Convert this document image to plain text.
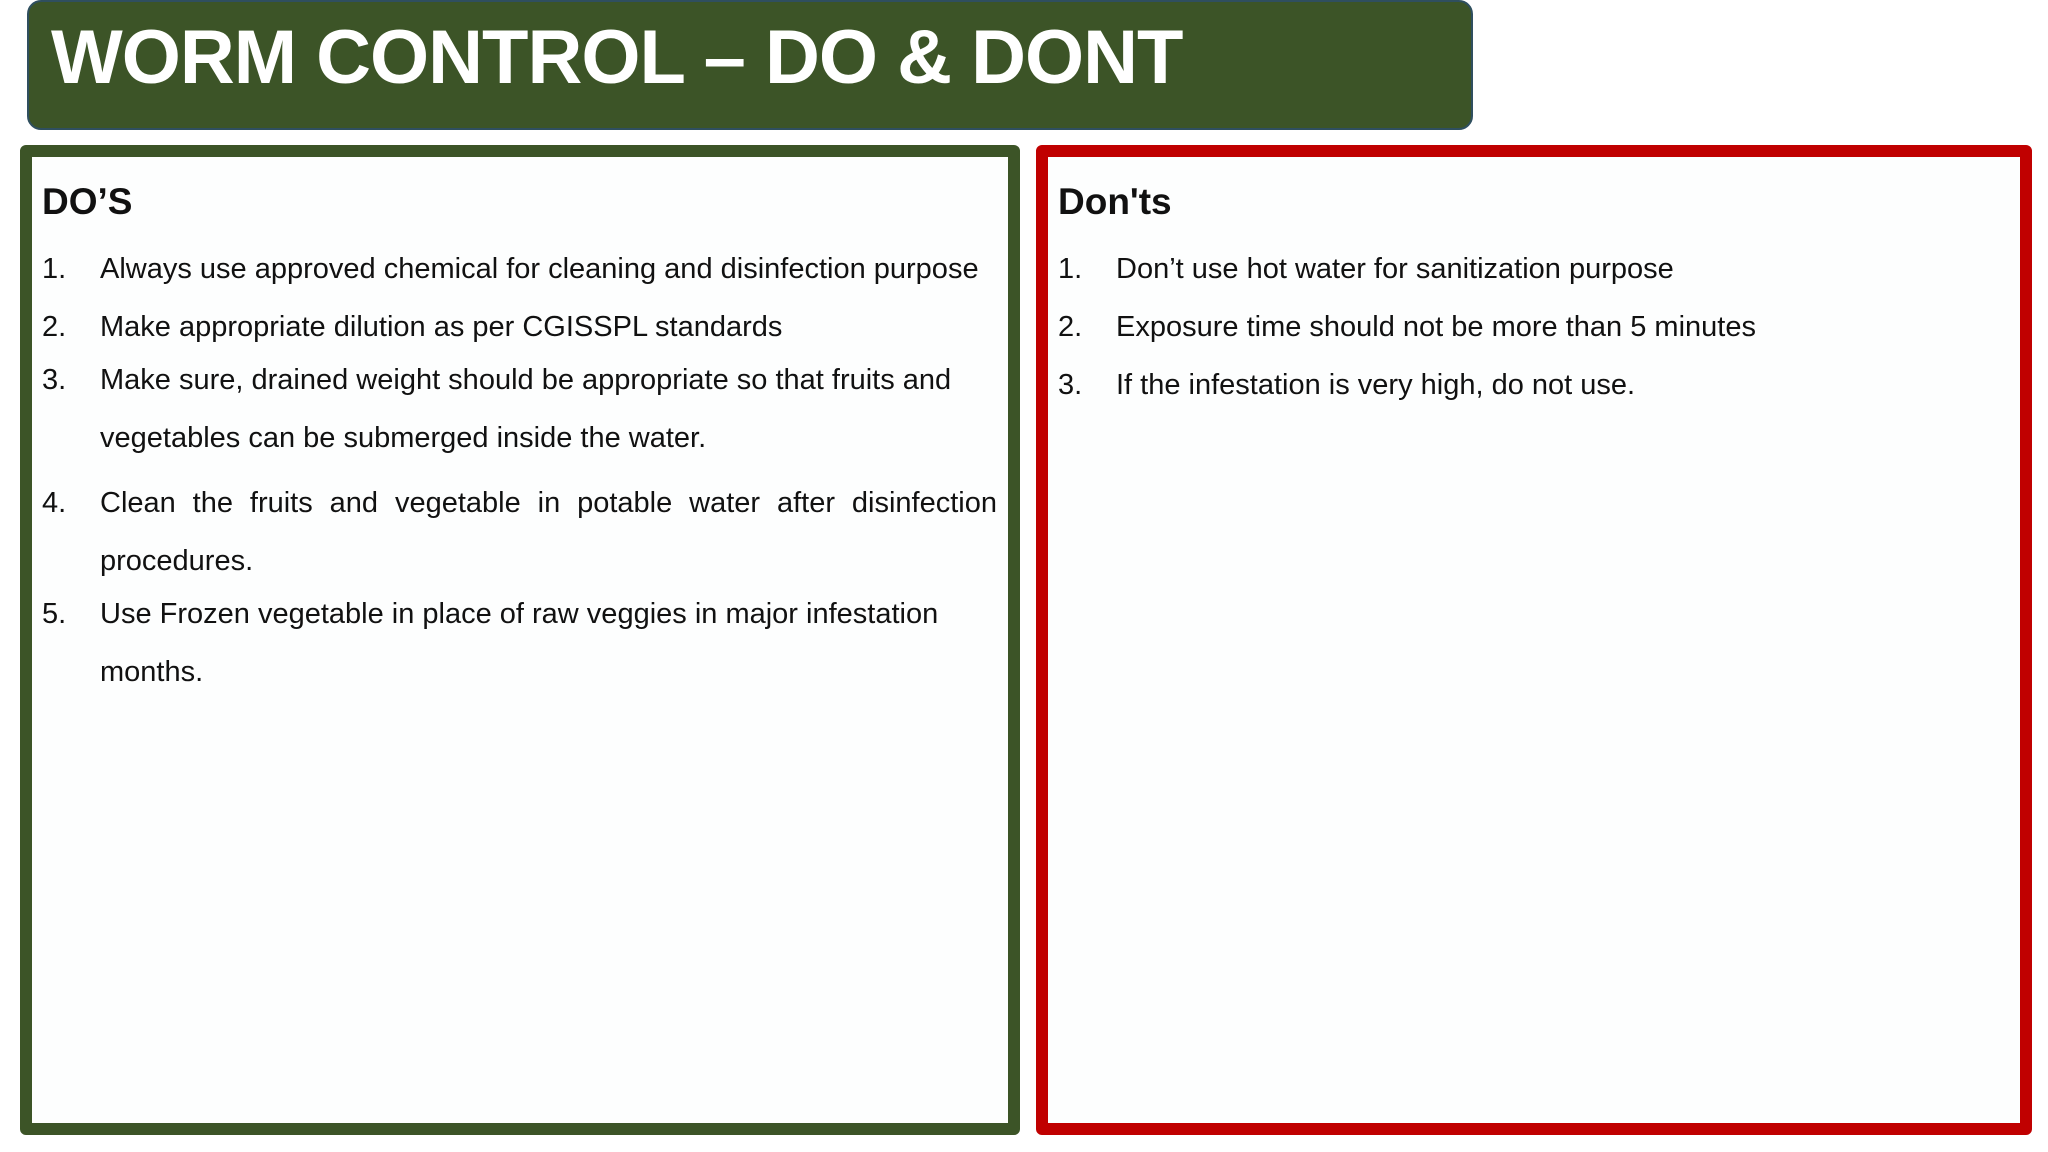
WORM CONTROL – DO & DONT
DO’S
1.	Always use approved chemical for cleaning and disinfection purpose
2.	Make appropriate dilution as per CGISSPL standards
3.	Make sure, drained weight should be appropriate so that fruits and vegetables can be submerged inside the water.
4.	Clean the fruits and vegetable in potable water after disinfection procedures.
5.	Use Frozen vegetable in place of raw veggies in major infestation months.
Don'ts
1.	Don’t use hot water for sanitization purpose
2.	Exposure time should not be more than 5 minutes
3.	If the infestation is very high, do not use.
